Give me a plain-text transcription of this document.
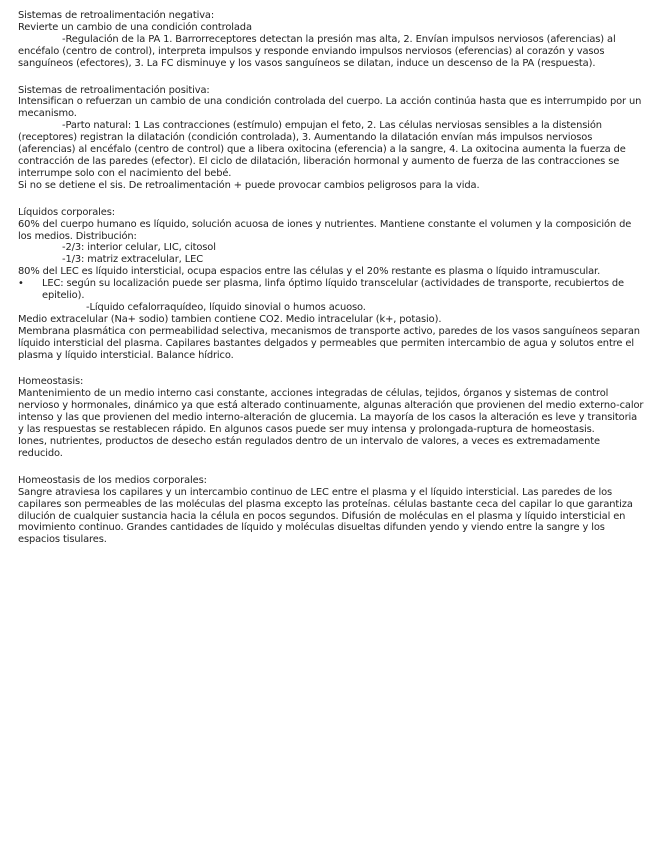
Sistemas de retroalimentación negativa:

Revierte un cambio de una condición controlada

-Regulación de la PA 1. Barrorreceptores detectan la presión mas alta, 2. Envían impulsos nerviosos (aferencias) al encéfalo (centro de control), interpreta impulsos y responde enviando impulsos nerviosos (eferencias) al corazón y vasos sanguíneos (efectores), 3. La FC disminuye y los vasos sanguíneos se dilatan, induce un descenso de la PA (respuesta).

Sistemas de retroalimentación positiva:

Intensifican o refuerzan un cambio de una condición controlada del cuerpo. La acción continúa hasta que es interrumpido por un mecanismo.

-Parto natural: 1 Las contracciones (estímulo) empujan el feto, 2. Las células nerviosas sensibles a la distensión (receptores) registran la dilatación (condición controlada), 3. Aumentando la dilatación envían más impulsos nerviosos (aferencias) al encéfalo (centro de control) que a libera oxitocina (eferencia) a la sangre, 4. La oxitocina aumenta la fuerza de contracción de las paredes (efector). El ciclo de dilatación, liberación hormonal y aumento de fuerza de las contracciones se interrumpe solo con el nacimiento del bebé.

Si no se detiene el sis. De retroalimentación + puede provocar cambios peligrosos para la vida.

Líquidos corporales:

60% del cuerpo humano es líquido, solución acuosa de iones y nutrientes. Mantiene constante el volumen y la composición de los medios. Distribución:

-2/3: interior celular, LIC, citosol

-1/3: matriz extracelular, LEC

80% del LEC es líquido intersticial, ocupa espacios entre las células y el 20% restante es plasma o líquido intramuscular.

• LEC: según su localización puede ser plasma, linfa óptimo líquido transcelular (actividades de transporte, recubiertos de epitelio).

-Líquido cefalorraquídeo, líquido sinovial o humos acuoso.

Medio extracelular (Na+ sodio) tambien contiene CO2. Medio intracelular (k+, potasio).

Membrana plasmática con permeabilidad selectiva, mecanismos de transporte activo, paredes de los vasos sanguíneos separan líquido intersticial del plasma. Capilares bastantes delgados y permeables que permiten intercambio de agua y solutos entre el plasma y líquido intersticial. Balance hídrico.

Homeostasis:

Mantenimiento de un medio interno casi constante, acciones integradas de células, tejidos, órganos y sistemas de control nervioso y hormonales, dinámico ya que está alterado continuamente, algunas alteración que provienen del medio externo-calor intenso y las que provienen del medio interno-alteración de glucemia. La mayoría de los casos la alteración es leve y transitoria y las respuestas se restablecen rápido. En algunos casos puede ser muy intensa y prolongada-ruptura de homeostasis.

Iones, nutrientes, productos de desecho están regulados dentro de un intervalo de valores, a veces es extremadamente reducido.

Homeostasis de los medios corporales:

Sangre atraviesa los capilares y un intercambio continuo de LEC entre el plasma y el líquido intersticial. Las paredes de los capilares son permeables de las moléculas del plasma excepto las proteínas. células bastante ceca del capilar lo que garantiza dilución de cualquier sustancia hacia la célula en pocos segundos. Difusión de moléculas en el plasma y líquido intersticial en movimiento continuo. Grandes cantidades de líquido y moléculas disueltas difunden yendo y viendo entre la sangre y los espacios tisulares.
